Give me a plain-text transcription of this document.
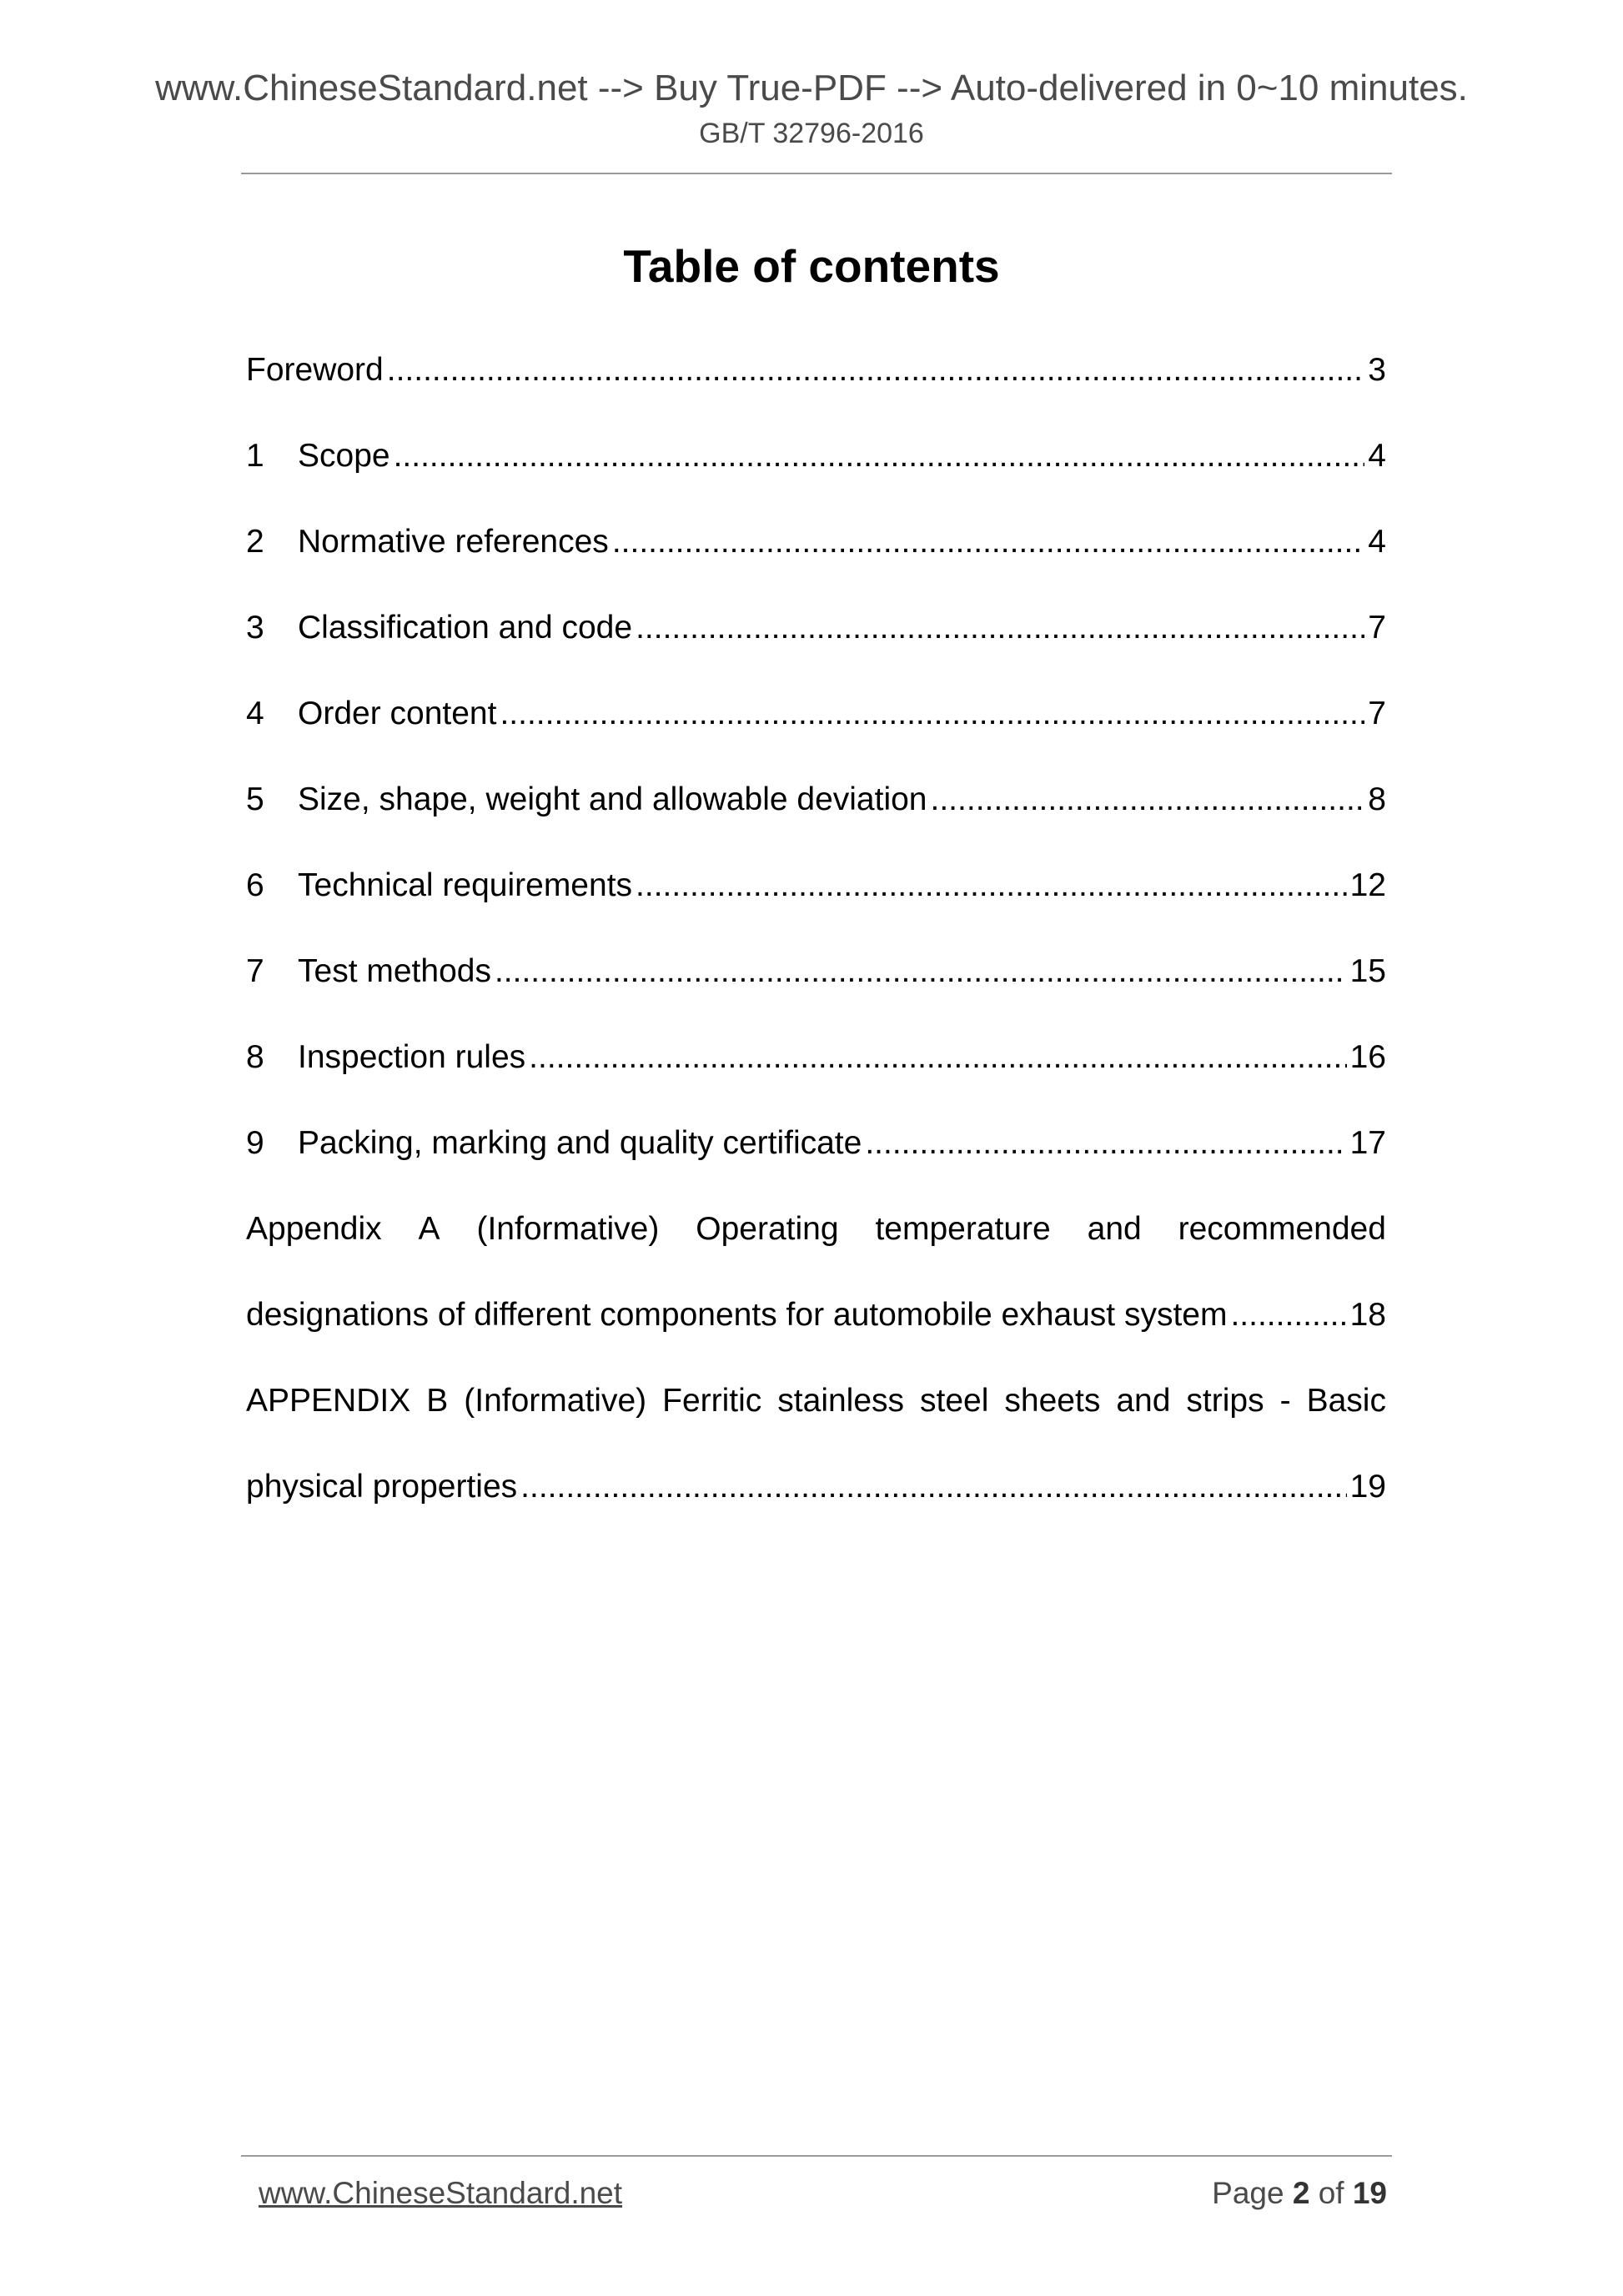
www.ChineseStandard.net --> Buy True-PDF --> Auto-delivered in 0~10 minutes.
GB/T 32796-2016
Table of contents
Foreword .....	3
1	Scope .....	4
2	Normative references .....	4
3	Classification and code .....	7
4	Order content .....	7
5	Size, shape, weight and allowable deviation .....	8
6	Technical requirements .....	12
7	Test methods .....	15
8	Inspection rules .....	16
9	Packing, marking and quality certificate .....	17
Appendix A (Informative) Operating temperature and recommended
designations of different components for automobile exhaust system .....	18
APPENDIX B (Informative) Ferritic stainless steel sheets and strips - Basic
physical properties .....	19
www.ChineseStandard.net	Page 2 of 19
